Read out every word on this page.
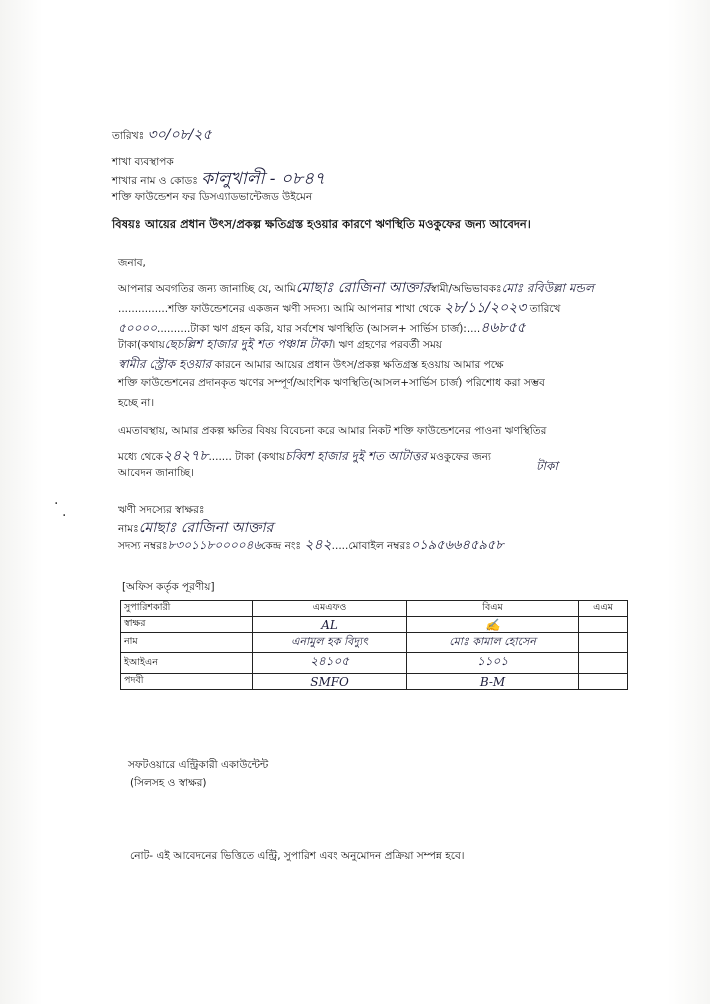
তারিখঃ ৩০/০৮/২৫
শাখা ব্যবস্থাপক
শাখার নাম ও কোডঃ কালুখালী - ০৮৪৭
শক্তি ফাউন্ডেশন ফর ডিসএ্যাডভান্টেজড উইমেন
বিষয়ঃ আয়ের প্রধান উৎস/প্রকল্প ক্ষতিগ্রস্ত হওয়ার কারণে ঋণস্থিতি মওকুফের জন্য আবেদন।
জনাব,
আপনার অবগতির জন্য জানাচ্ছি যে, আমিমোছাঃ রোজিনা আক্তারস্বামী/অভিভাবকঃমোঃ রবিউল্লা মন্ডল
...............শক্তি ফাউন্ডেশনের একজন ঋণী সদস্য। আমি আপনার শাখা থেকে ২৮/১১/২০২৩ তারিখে
৫০০০০..........টাকা ঋণ গ্রহন করি, যার সর্বশেষ ঋণস্থিতি (আসল+ সার্ভিস চার্জ):....৪৬৮৫৫
টাকা(কথায়ছেচল্লিশ হাজার দুই শত পঞ্চান্ন টাকা। ঋণ গ্রহণের পরবর্তী সময়
স্বামীর স্ট্রোক হওয়ার কারনে আমার আয়ের প্রধান উৎস/প্রকল্প ক্ষতিগ্রস্ত হওয়ায় আমার পক্ষে
শক্তি ফাউন্ডেশনের প্রদানকৃত ঋণের সম্পূর্ণ/আংশিক ঋণস্থিতি(আসল+সার্ভিস চার্জ) পরিশোধ করা সম্ভব
হচ্ছে না।
এমতাবস্থায়, আমার প্রকল্প ক্ষতির বিষয় বিবেচনা করে আমার নিকট শক্তি ফাউন্ডেশনের পাওনা ঋণস্থিতির
মধ্যে থেকে২৪২৭৮....... টাকা (কথায়চব্বিশ হাজার দুই শত আটাত্তর মওকুফের জন্য
টাকা
আবেদন জানাচ্ছি।
·
·	ঋণী সদস্যের স্বাক্ষরঃ
নামঃমোছাঃ রোজিনা আক্তার
সদস্য নম্বরঃ৮৩০১১৮০০০০৪৬কেন্দ্র নংঃ ২৪২.....মোবাইল নম্বরঃ০১৯৫৬৬৪৫৯৫৮
[অফিস কর্তৃক পূরণীয়]
সুপারিশকারী	এমএফও	বিএম	এএম
স্বাক্ষর	AL	✍	
নাম	এনামুল হক বিদ্যুৎ	মোঃ কামাল হোসেন	
ইআইএন	২৪১০৫	১১০১	
পদবী	SMFO	B-M	
সফটওয়ারে এন্ট্রিকারী একাউন্টেন্ট
(সিলসহ ও স্বাক্ষর)
নোট- এই আবেদনের ভিত্তিতে এন্ট্রি, সুপারিশ এবং অনুমোদন প্রক্রিয়া সম্পন্ন হবে।
